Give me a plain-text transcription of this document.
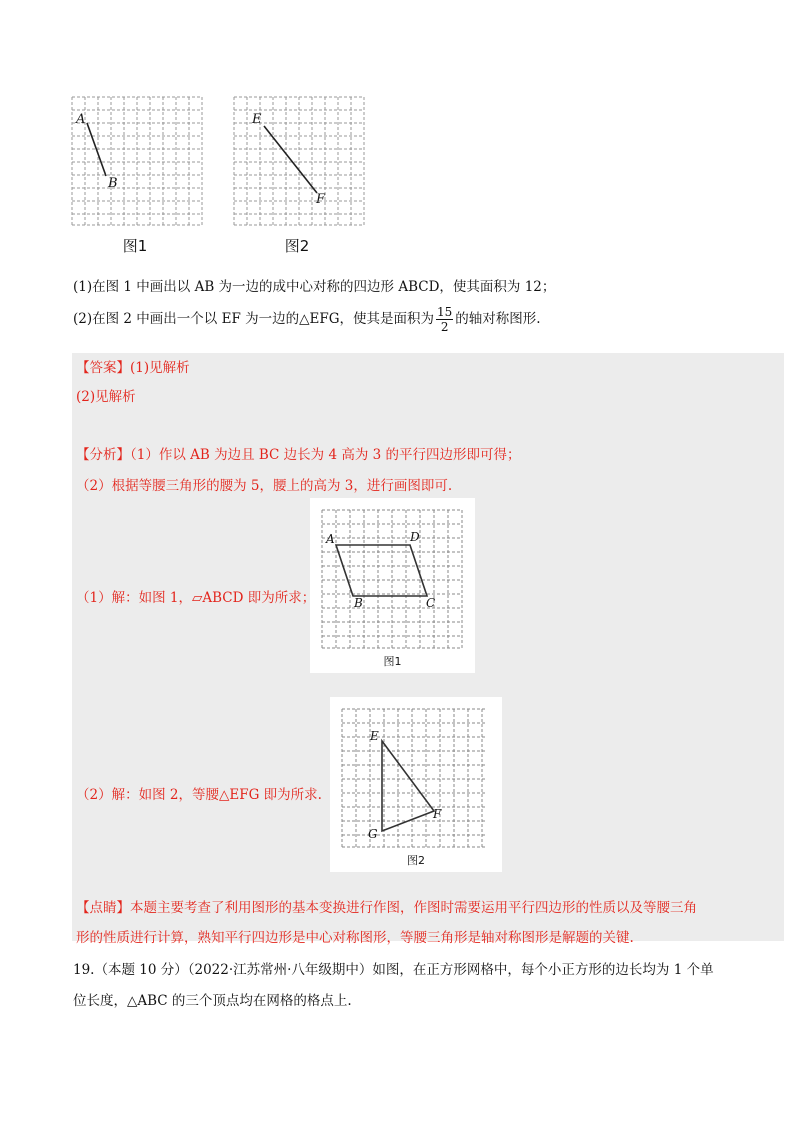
A
B
图1
E
F
图2
(1)在图 1 中画出以 AB 为一边的成中心对称的四边形 ABCD，使其面积为 12；
(2)在图 2 中画出一个以 EF 为一边的△EFG，使其是面积为 $\frac{15}{2}$ 的轴对称图形.
【答案】(1)见解析
(2)见解析
【分析】（1）作以 AB 为边且 BC 边长为 4 高为 3 的平行四边形即可得；
（2）根据等腰三角形的腰为 5，腰上的高为 3，进行画图即可.
A	D
B	C
图1
（1）解：如图 1，▱ABCD 即为所求；
E
F
G
图2
（2）解：如图 2，等腰△EFG 即为所求.
【点睛】本题主要考查了利用图形的基本变换进行作图，作图时需要运用平行四边形的性质以及等腰三角
形的性质进行计算，熟知平行四边形是中心对称图形，等腰三角形是轴对称图形是解题的关键.
19.（本题 10 分）（2022·江苏常州·八年级期中）如图，在正方形网格中，每个小正方形的边长均为 1 个单
位长度，△ABC 的三个顶点均在网格的格点上.
